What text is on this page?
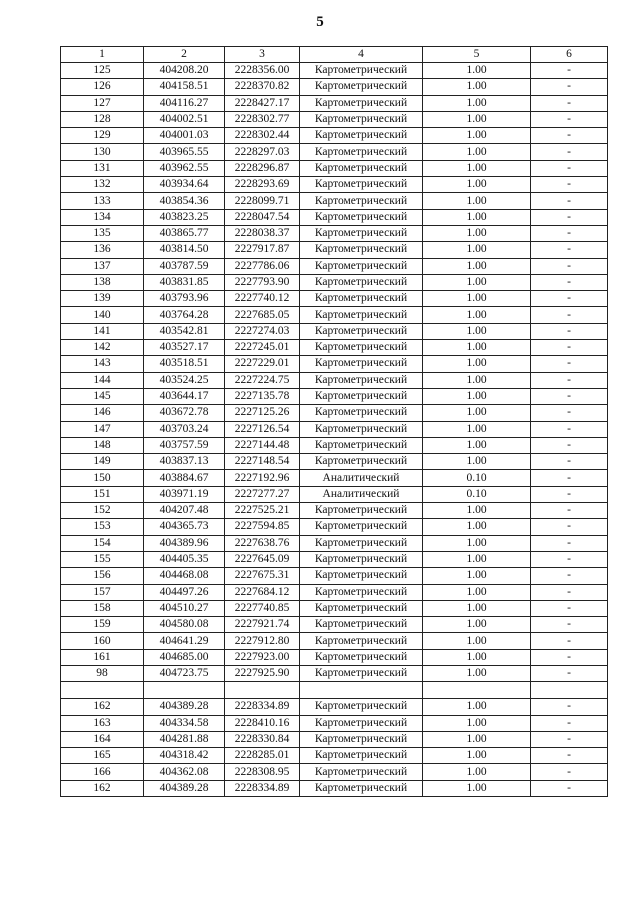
5
1	2	3	4	5	6
125	404208.20	2228356.00	Картометрический	1.00	-
126	404158.51	2228370.82	Картометрический	1.00	-
127	404116.27	2228427.17	Картометрический	1.00	-
128	404002.51	2228302.77	Картометрический	1.00	-
129	404001.03	2228302.44	Картометрический	1.00	-
130	403965.55	2228297.03	Картометрический	1.00	-
131	403962.55	2228296.87	Картометрический	1.00	-
132	403934.64	2228293.69	Картометрический	1.00	-
133	403854.36	2228099.71	Картометрический	1.00	-
134	403823.25	2228047.54	Картометрический	1.00	-
135	403865.77	2228038.37	Картометрический	1.00	-
136	403814.50	2227917.87	Картометрический	1.00	-
137	403787.59	2227786.06	Картометрический	1.00	-
138	403831.85	2227793.90	Картометрический	1.00	-
139	403793.96	2227740.12	Картометрический	1.00	-
140	403764.28	2227685.05	Картометрический	1.00	-
141	403542.81	2227274.03	Картометрический	1.00	-
142	403527.17	2227245.01	Картометрический	1.00	-
143	403518.51	2227229.01	Картометрический	1.00	-
144	403524.25	2227224.75	Картометрический	1.00	-
145	403644.17	2227135.78	Картометрический	1.00	-
146	403672.78	2227125.26	Картометрический	1.00	-
147	403703.24	2227126.54	Картометрический	1.00	-
148	403757.59	2227144.48	Картометрический	1.00	-
149	403837.13	2227148.54	Картометрический	1.00	-
150	403884.67	2227192.96	Аналитический	0.10	-
151	403971.19	2227277.27	Аналитический	0.10	-
152	404207.48	2227525.21	Картометрический	1.00	-
153	404365.73	2227594.85	Картометрический	1.00	-
154	404389.96	2227638.76	Картометрический	1.00	-
155	404405.35	2227645.09	Картометрический	1.00	-
156	404468.08	2227675.31	Картометрический	1.00	-
157	404497.26	2227684.12	Картометрический	1.00	-
158	404510.27	2227740.85	Картометрический	1.00	-
159	404580.08	2227921.74	Картометрический	1.00	-
160	404641.29	2227912.80	Картометрический	1.00	-
161	404685.00	2227923.00	Картометрический	1.00	-
98	404723.75	2227925.90	Картометрический	1.00	-

162	404389.28	2228334.89	Картометрический	1.00	-
163	404334.58	2228410.16	Картометрический	1.00	-
164	404281.88	2228330.84	Картометрический	1.00	-
165	404318.42	2228285.01	Картометрический	1.00	-
166	404362.08	2228308.95	Картометрический	1.00	-
162	404389.28	2228334.89	Картометрический	1.00	-
